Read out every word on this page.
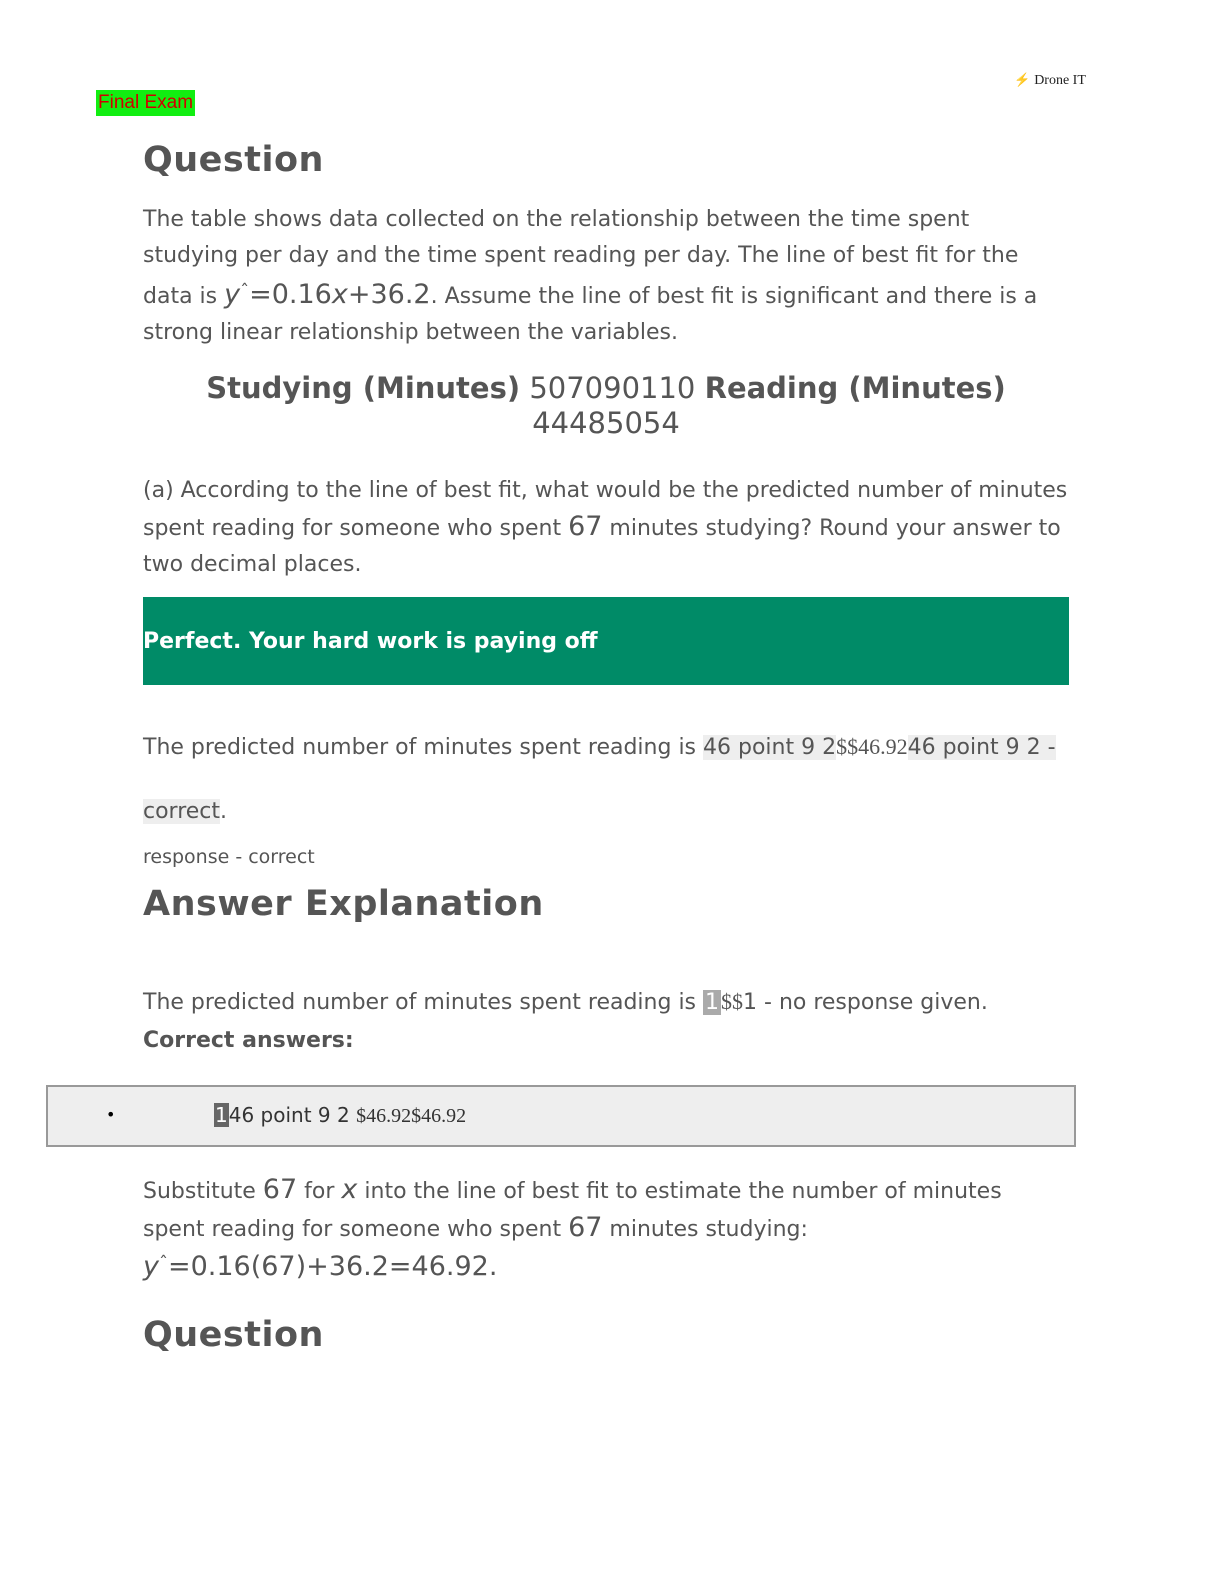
⚡ Drone IT
Final Exam
Question

The table shows data collected on the relationship between the time spent studying per day and the time spent reading per day. The line of best fit for the data is $y^ˆ=0.16x+36.2$. Assume the line of best fit is significant and there is a strong linear relationship between the variables.

Studying (Minutes) 507090110 Reading (Minutes) 44485054

(a) According to the line of best fit, what would be the predicted number of minutes spent reading for someone who spent 67 minutes studying? Round your answer to two decimal places.

Perfect. Your hard work is paying off

The predicted number of minutes spent reading is 46 point 9 2$$46.9246 point 9 2 - correct.

response - correct
Answer Explanation

The predicted number of minutes spent reading is 1$$1 - no response given.

Correct answers:

•	146 point 9 2 $46.92$46.92

Substitute 67 for x into the line of best fit to estimate the number of minutes spent reading for someone who spent 67 minutes studying:

$y^ˆ=0.16(67)+36.2=46.92$.

Question
